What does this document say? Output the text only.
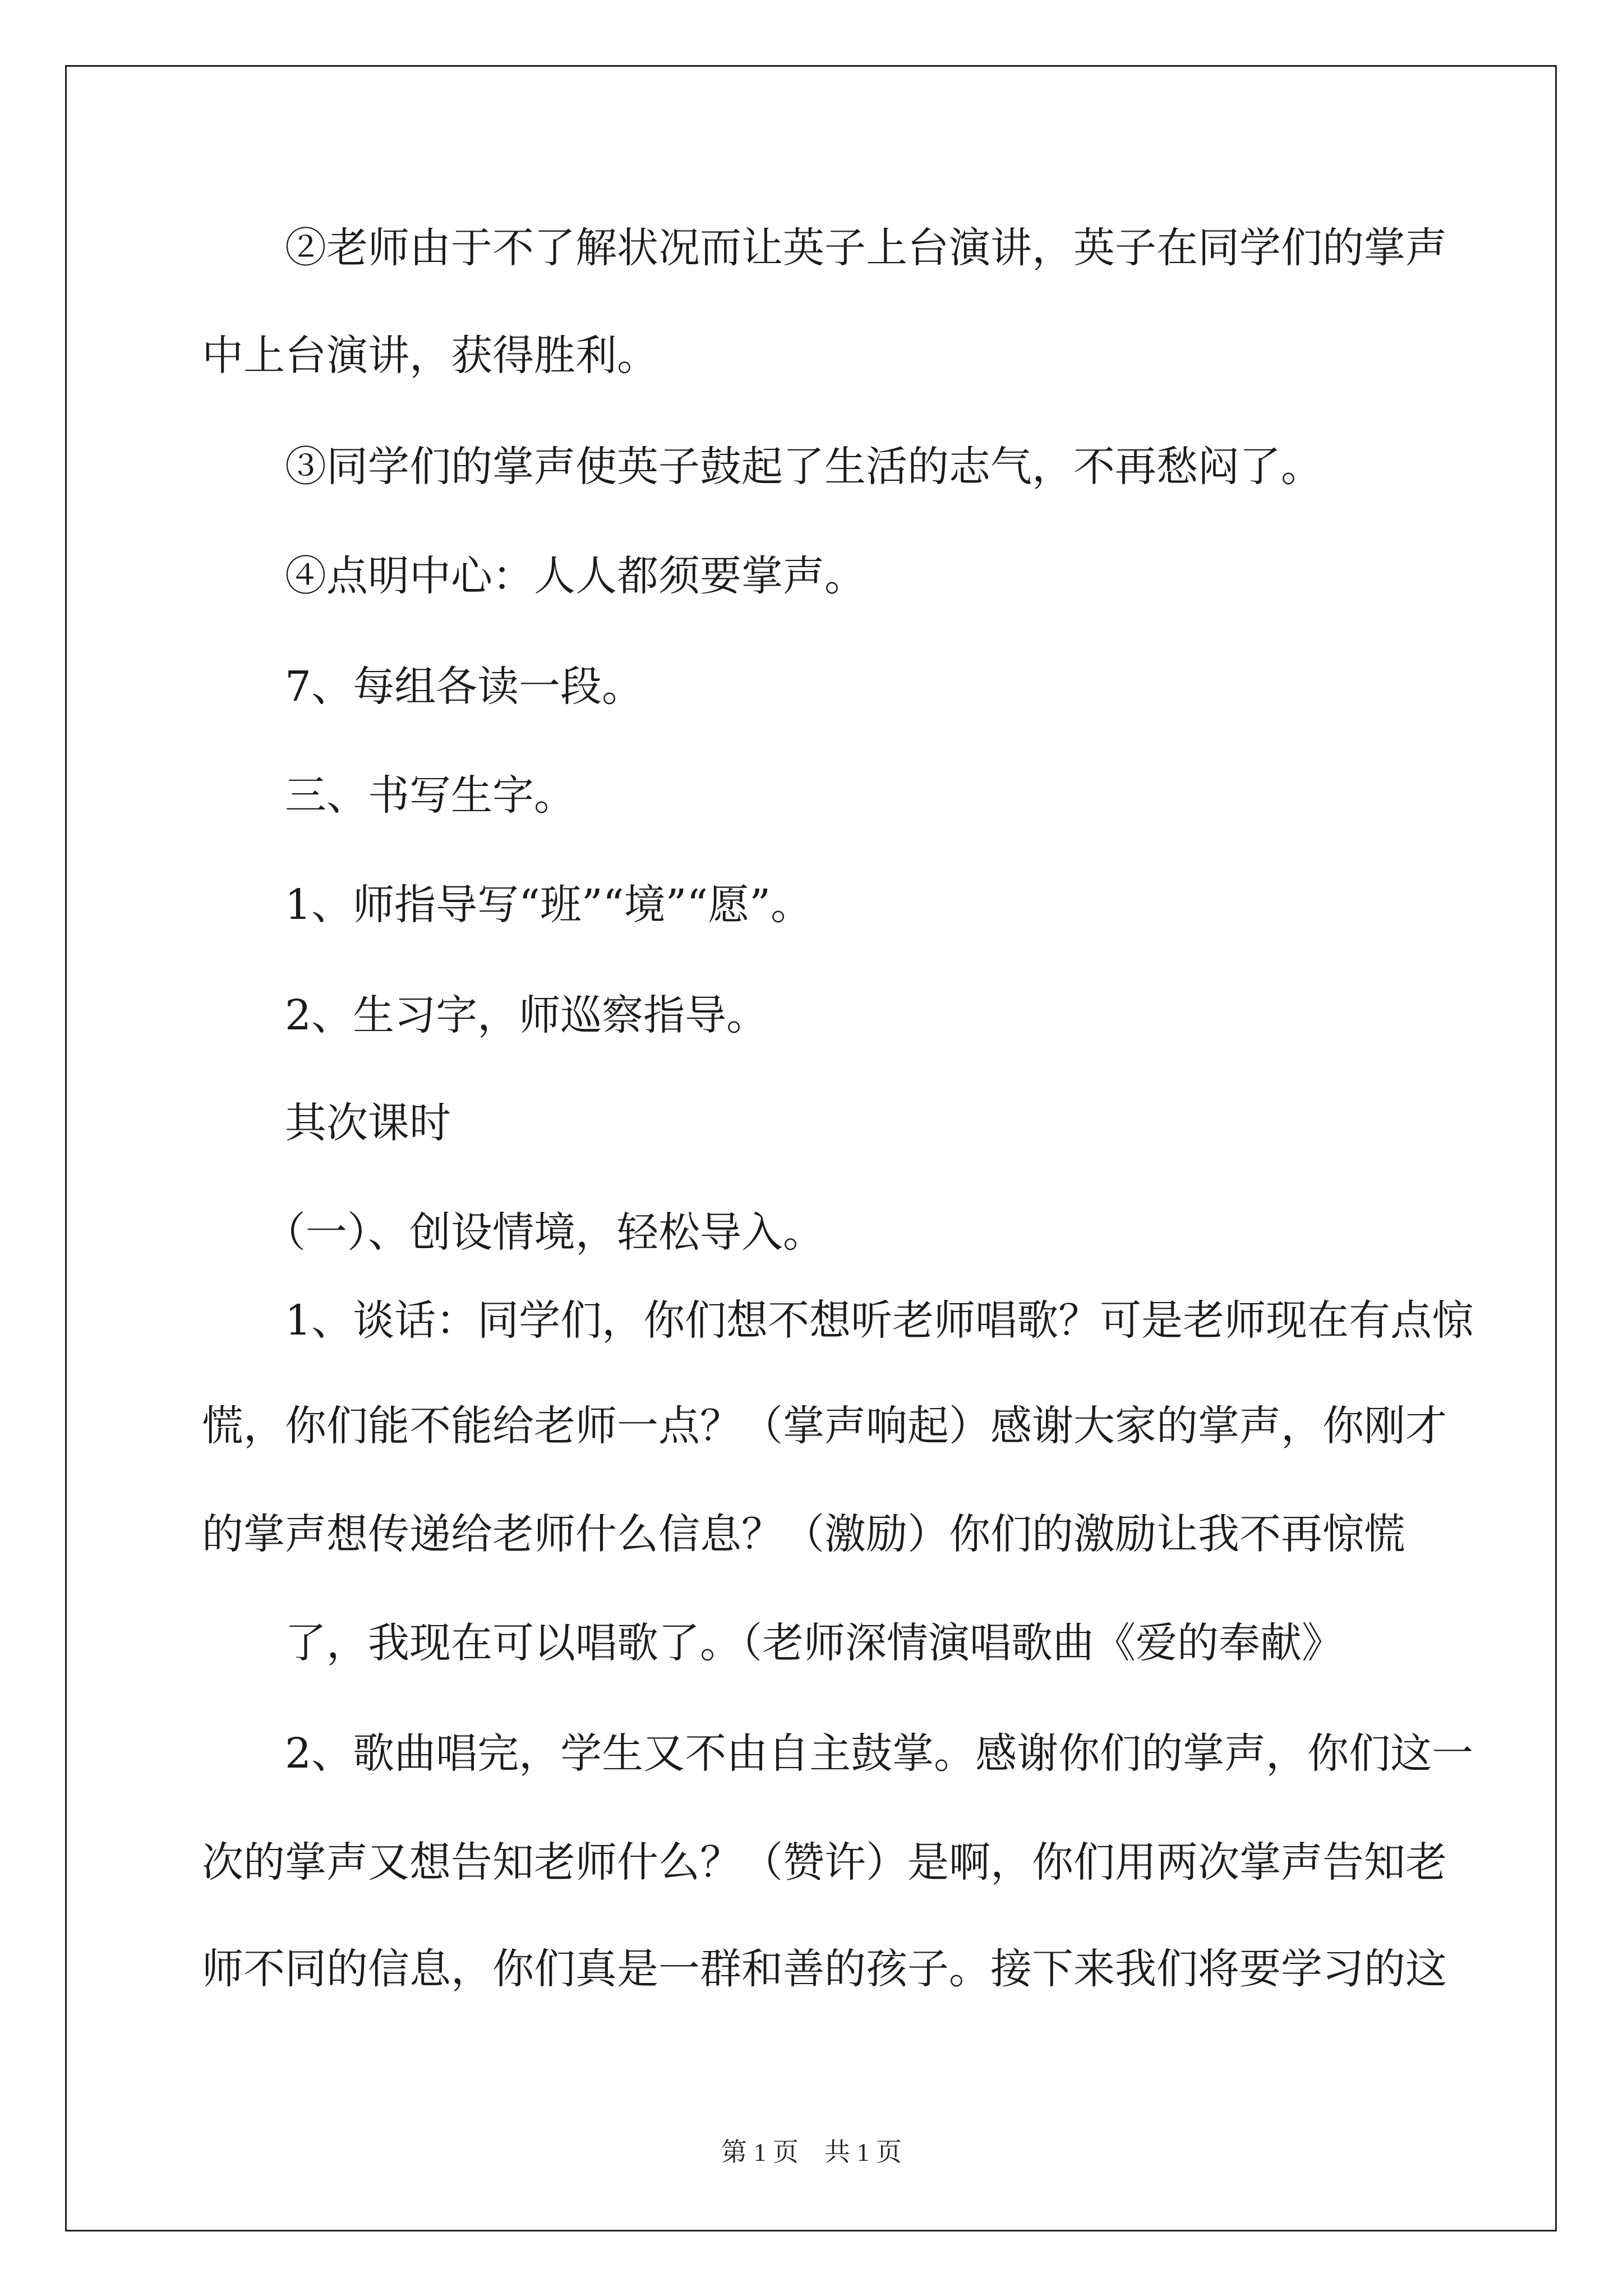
　　②老师由于不了解状况而让英子上台演讲，英子在同学们的掌声
中上台演讲，获得胜利。
　　③同学们的掌声使英子鼓起了生活的志气，不再愁闷了。
　　④点明中心：人人都须要掌声。
　　7、每组各读一段。
　　三、书写生字。
　　1、师指导写“班”“境”“愿”。
　　2、生习字，师巡察指导。
　　其次课时
　　（一）、创设情境，轻松导入。
　　1、谈话：同学们，你们想不想听老师唱歌？可是老师现在有点惊
慌，你们能不能给老师一点？（掌声响起）感谢大家的掌声，你刚才
的掌声想传递给老师什么信息？（激励）你们的激励让我不再惊慌
　　了，我现在可以唱歌了。（老师深情演唱歌曲《爱的奉献》
　　2、歌曲唱完，学生又不由自主鼓掌。感谢你们的掌声，你们这一
次的掌声又想告知老师什么？（赞许）是啊，你们用两次掌声告知老
师不同的信息，你们真是一群和善的孩子。接下来我们将要学习的这
第 1 页　共 1 页
